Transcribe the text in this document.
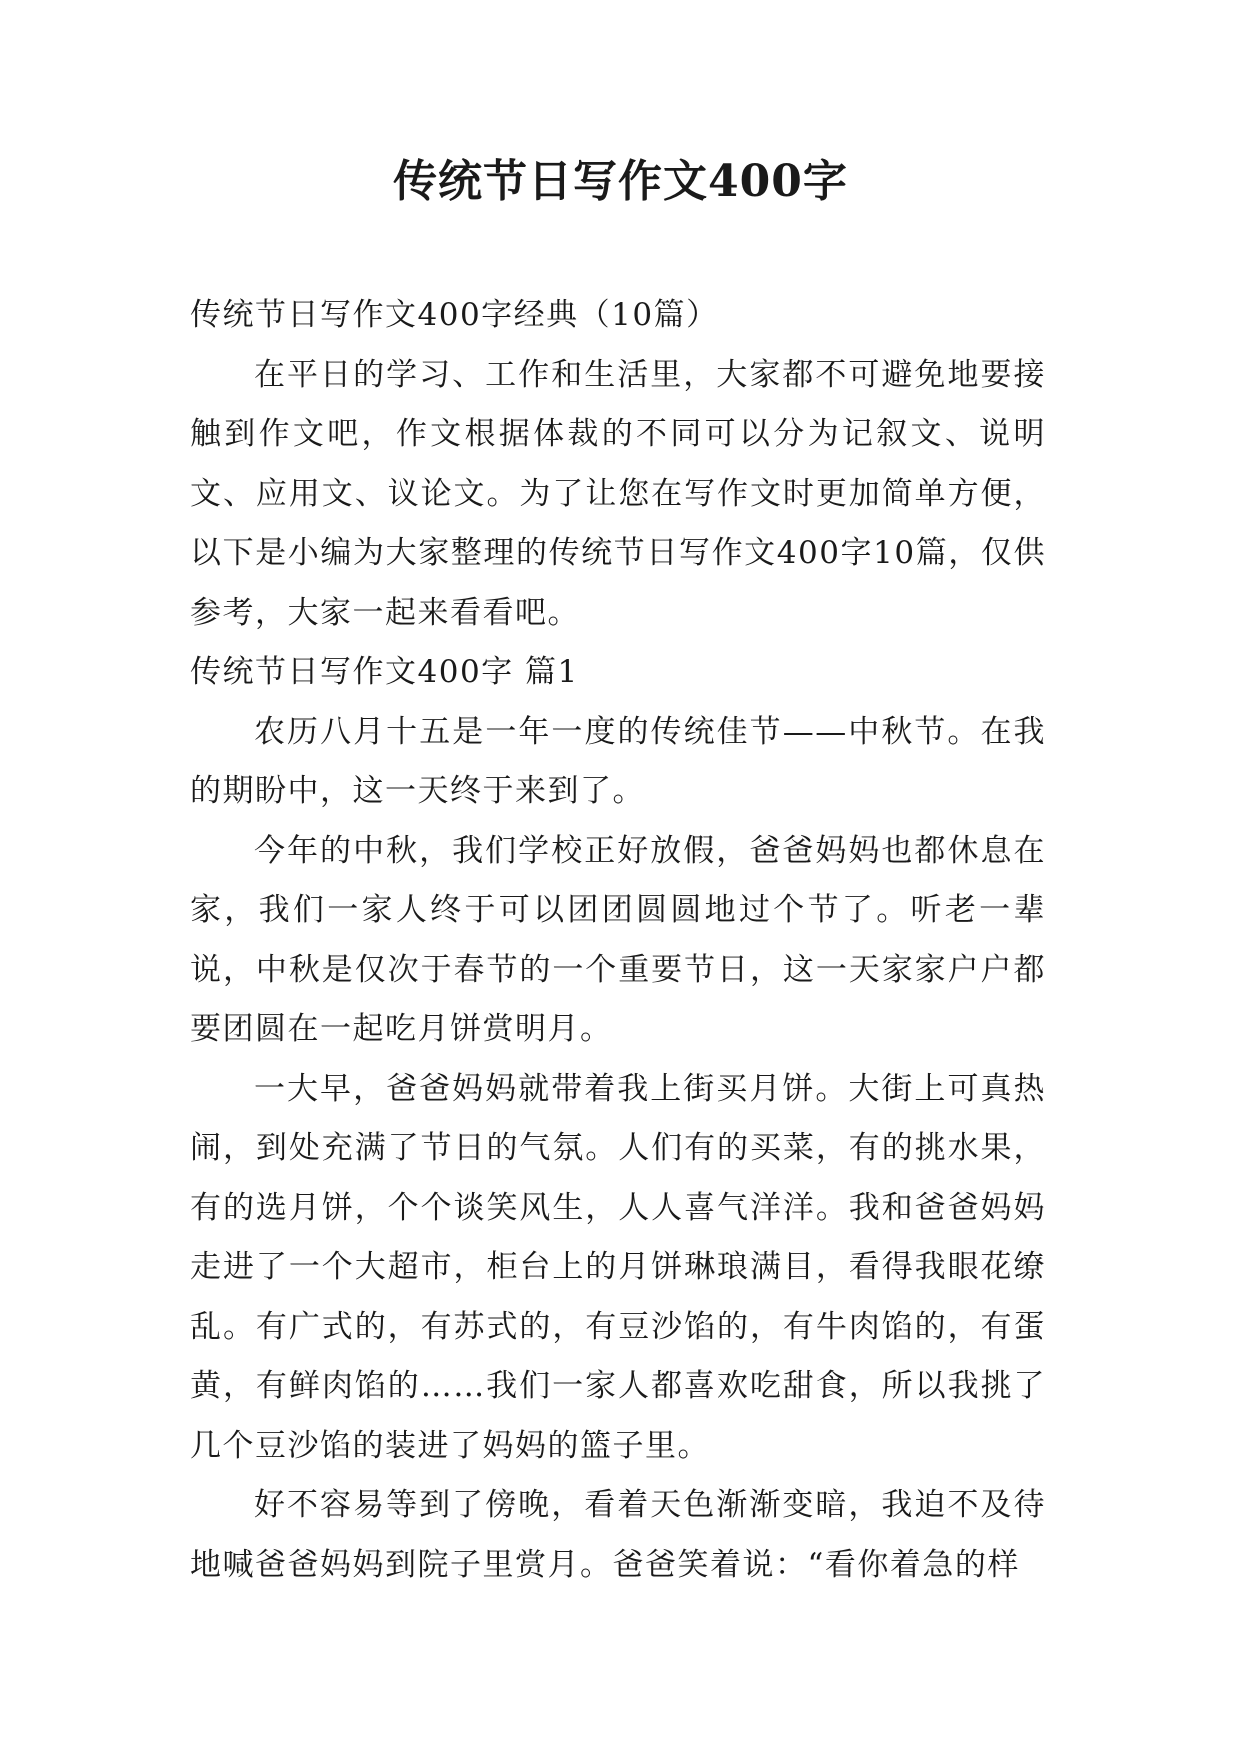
传统节日写作文400字

传统节日写作文400字经典（10篇）

在平日的学习、工作和生活里，大家都不可避免地要接触到作文吧，作文根据体裁的不同可以分为记叙文、说明文、应用文、议论文。为了让您在写作文时更加简单方便，以下是小编为大家整理的传统节日写作文400字10篇，仅供参考，大家一起来看看吧。

传统节日写作文400字 篇1

农历八月十五是一年一度的传统佳节——中秋节。在我的期盼中，这一天终于来到了。

今年的中秋，我们学校正好放假，爸爸妈妈也都休息在家，我们一家人终于可以团团圆圆地过个节了。听老一辈说，中秋是仅次于春节的一个重要节日，这一天家家户户都要团圆在一起吃月饼赏明月。

一大早，爸爸妈妈就带着我上街买月饼。大街上可真热闹，到处充满了节日的气氛。人们有的买菜，有的挑水果，有的选月饼，个个谈笑风生，人人喜气洋洋。我和爸爸妈妈走进了一个大超市，柜台上的月饼琳琅满目，看得我眼花缭乱。有广式的，有苏式的，有豆沙馅的，有牛肉馅的，有蛋黄，有鲜肉馅的……我们一家人都喜欢吃甜食，所以我挑了几个豆沙馅的装进了妈妈的篮子里。

好不容易等到了傍晚，看着天色渐渐变暗，我迫不及待地喊爸爸妈妈到院子里赏月。爸爸笑着说：“看你着急的样
